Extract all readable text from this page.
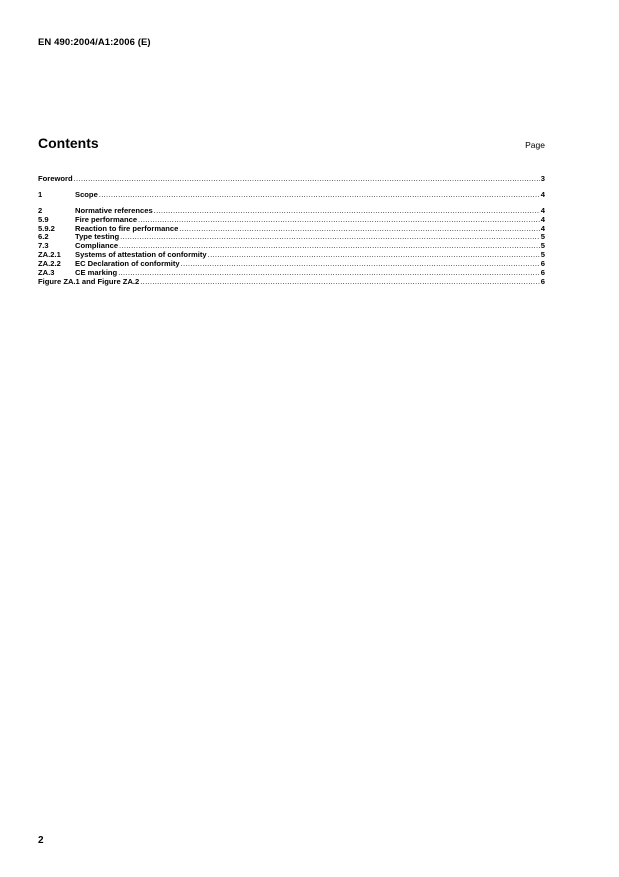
EN 490:2004/A1:2006 (E)
Contents	Page
Foreword .....	3
1	Scope .....	4
2	Normative references .....	4
5.9	Fire performance .....	4
5.9.2	Reaction to fire performance .....	4
6.2	Type testing .....	5
7.3	Compliance .....	5
ZA.2.1	Systems of attestation of conformity .....	5
ZA.2.2	EC Declaration of conformity .....	6
ZA.3	CE marking .....	6
Figure ZA.1 and Figure ZA.2 .....	6
2
